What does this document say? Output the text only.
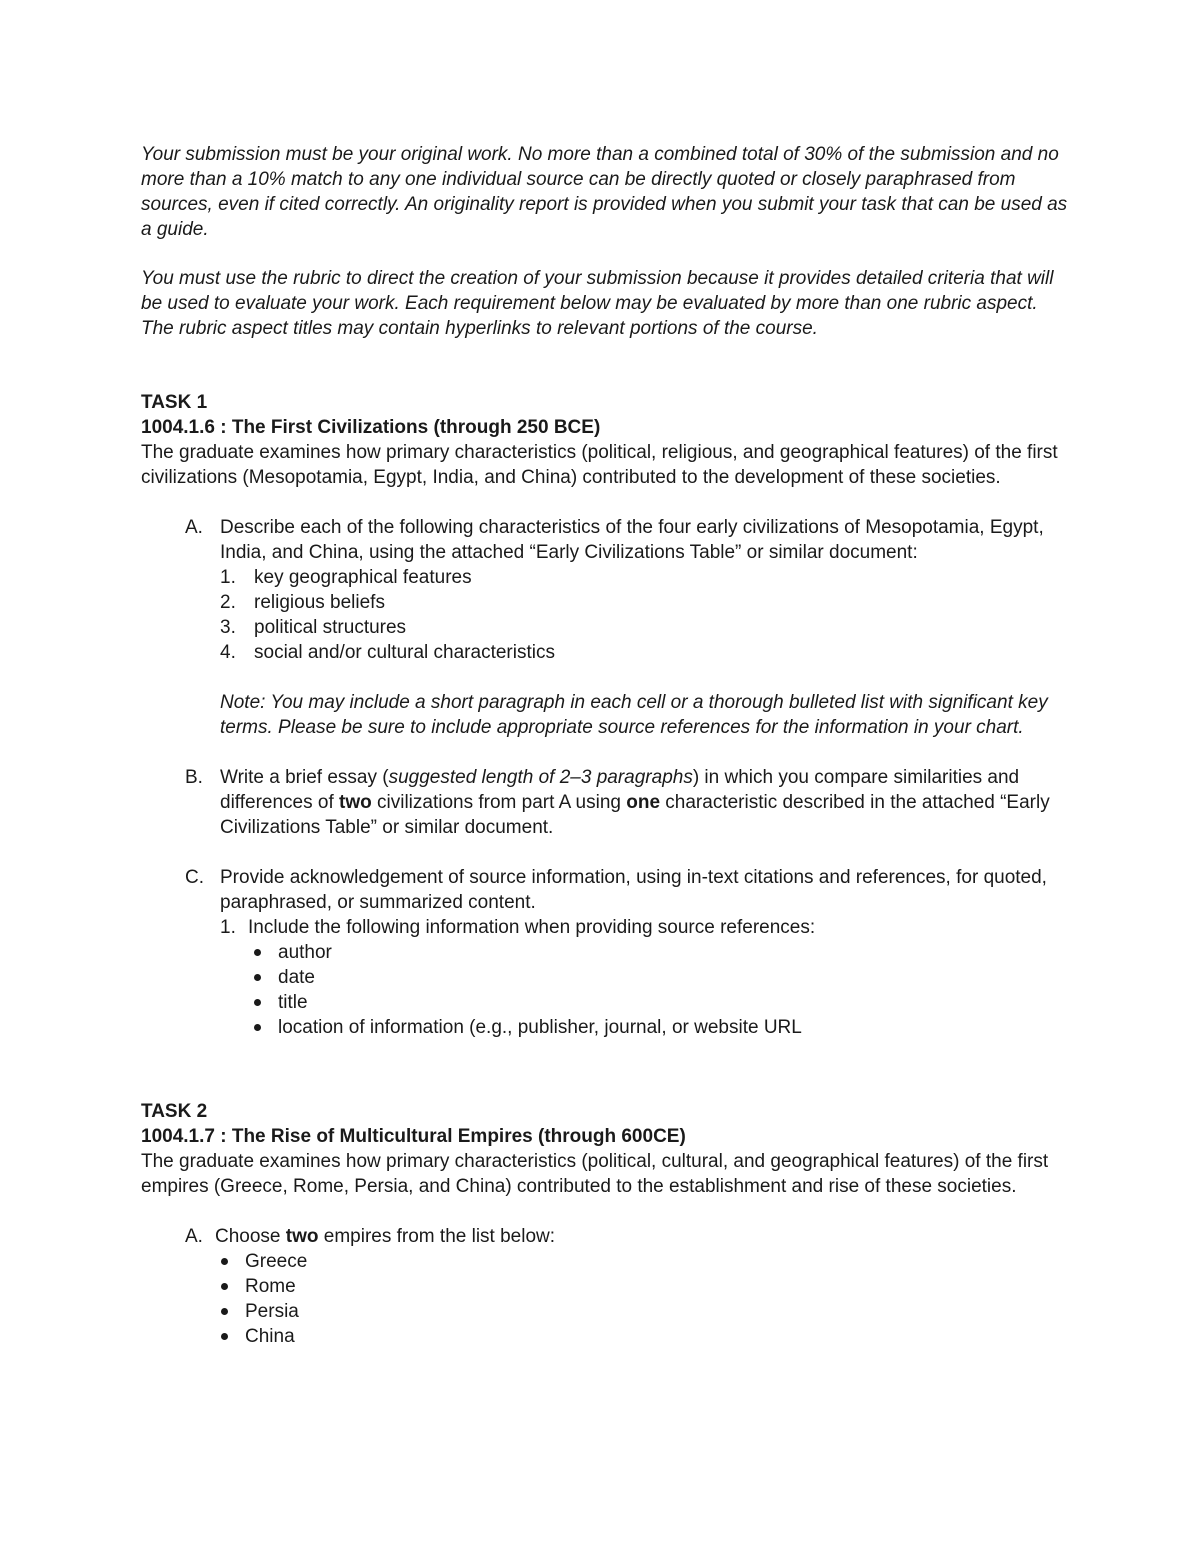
Your submission must be your original work. No more than a combined total of 30% of the submission and no more than a 10% match to any one individual source can be directly quoted or closely paraphrased from sources, even if cited correctly. An originality report is provided when you submit your task that can be used as a guide.

You must use the rubric to direct the creation of your submission because it provides detailed criteria that will be used to evaluate your work. Each requirement below may be evaluated by more than one rubric aspect. The rubric aspect titles may contain hyperlinks to relevant portions of the course.

TASK 1

1004.1.6 : The First Civilizations (through 250 BCE)

The graduate examines how primary characteristics (political, religious, and geographical features) of the first civilizations (Mesopotamia, Egypt, India, and China) contributed to the development of these societies.

A. Describe each of the following characteristics of the four early civilizations of Mesopotamia, Egypt, India, and China, using the attached “Early Civilizations Table” or similar document:

1. key geographical features
2. religious beliefs
3. political structures
4. social and/or cultural characteristics

Note: You may include a short paragraph in each cell or a thorough bulleted list with significant key terms. Please be sure to include appropriate source references for the information in your chart.

B. Write a brief essay (suggested length of 2–3 paragraphs) in which you compare similarities and differences of two civilizations from part A using one characteristic described in the attached “Early Civilizations Table” or similar document.

C. Provide acknowledgement of source information, using in-text citations and references, for quoted, paraphrased, or summarized content.

1. Include the following information when providing source references:
author
date
title
location of information (e.g., publisher, journal, or website URL

TASK 2

1004.1.7 : The Rise of Multicultural Empires (through 600CE)

The graduate examines how primary characteristics (political, cultural, and geographical features) of the first empires (Greece, Rome, Persia, and China) contributed to the establishment and rise of these societies.

A. Choose two empires from the list below:

Greece
Rome
Persia
China
